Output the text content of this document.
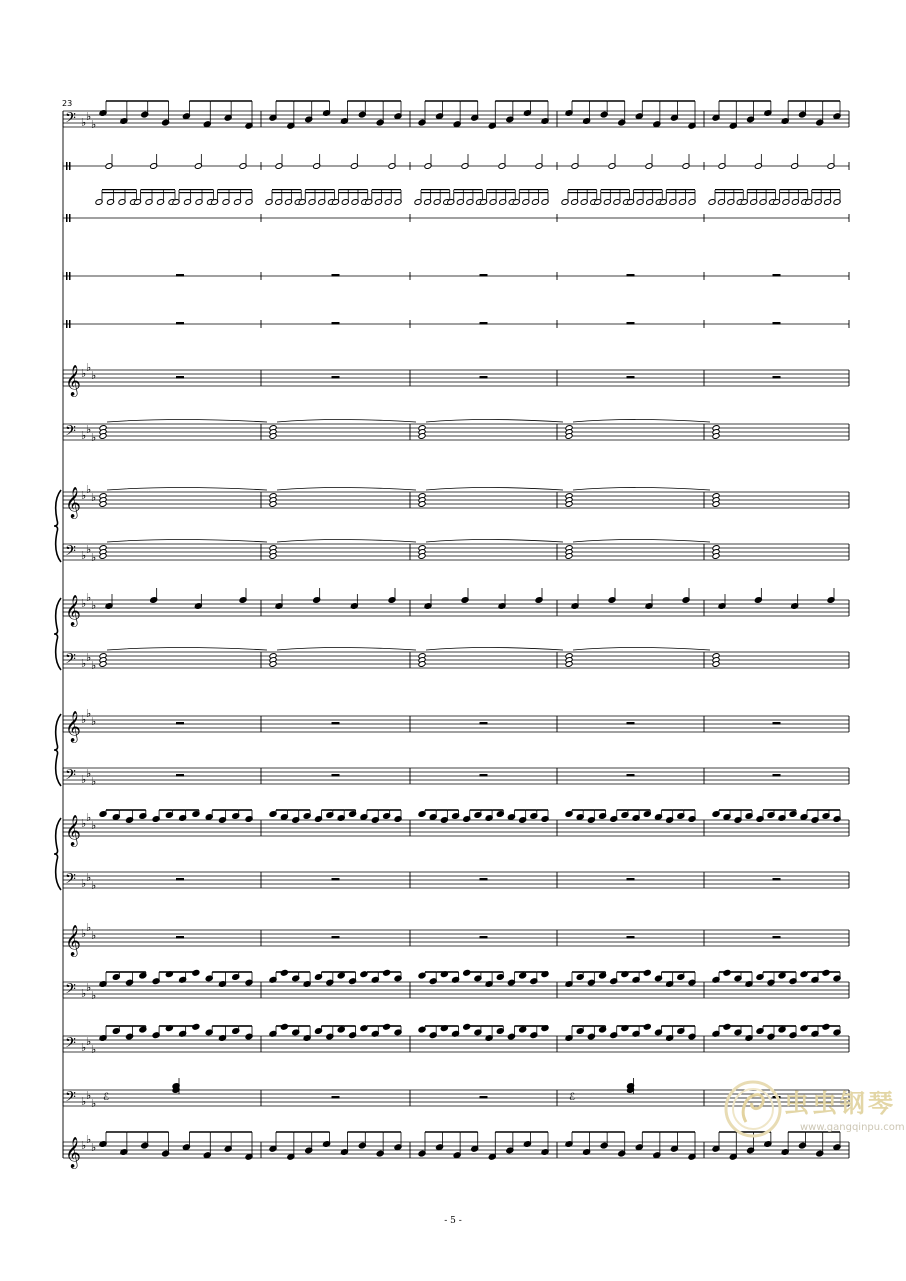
𝄢 ♭ ♭
♭
𝄞 ♭ ♭
♭
𝄢 ♭ ♭
♭
𝄞 ♭ ♭
♭
𝄢 ♭ ♭
♭
𝄞 ♭ ♭
♭
𝄢 ♭ ♭
♭
𝄞 ♭ ♭
♭
𝄢 ♭ ♭
♭
𝄞 ♭ ♭
♭
𝄢 ♭ ♭
♭
𝄞 ♭ ♭
♭
𝄢 ♭ ♭
♭
𝄢 ♭ ♭
♭
𝄢 ♭ ♭
♭ ℰ	ℰ
𝄞 ♭ ♭
♭
23
- 5 -
虫虫钢琴
www.gangqinpu.com
